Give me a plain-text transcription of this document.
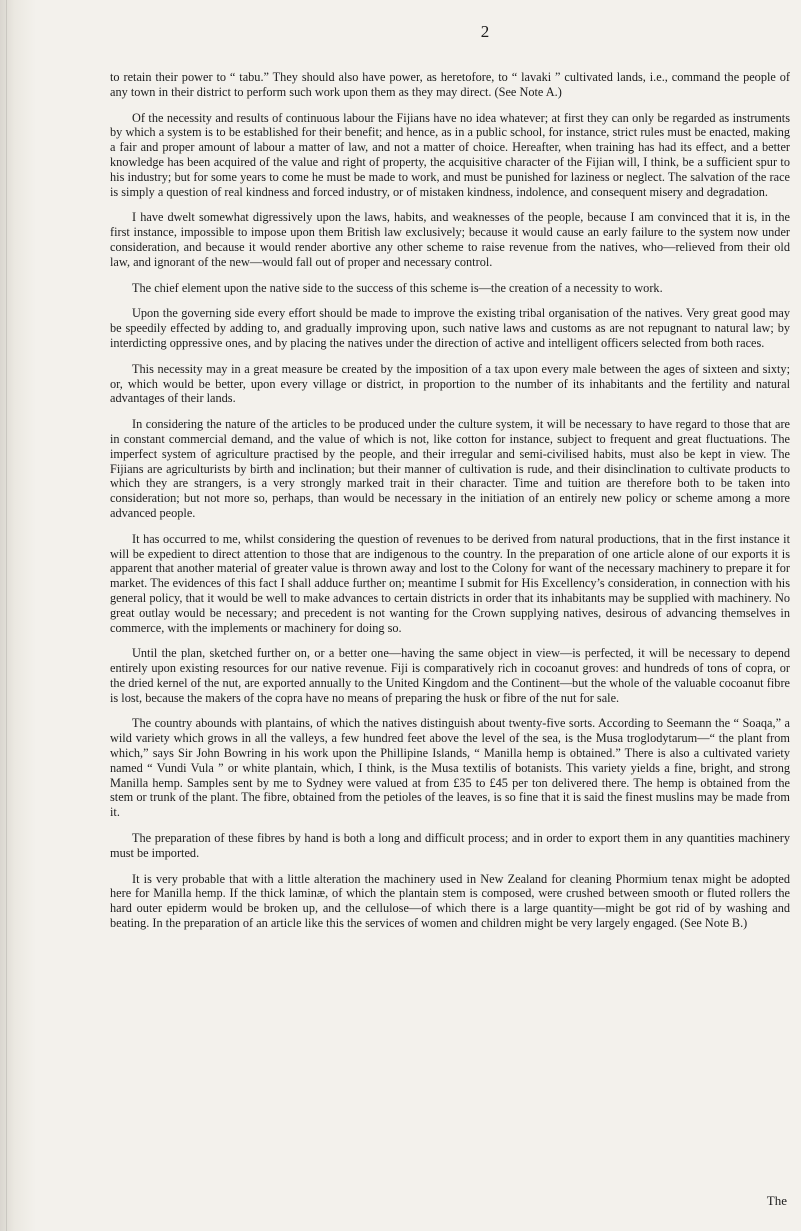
2

to retain their power to “ tabu.” They should also have power, as heretofore, to “ lavaki ” cultivated lands, i.e., command the people of any town in their district to perform such work upon them as they may direct. (See Note A.)

Of the necessity and results of continuous labour the Fijians have no idea whatever; at first they can only be regarded as instruments by which a system is to be established for their benefit; and hence, as in a public school, for instance, strict rules must be enacted, making a fair and proper amount of labour a matter of law, and not a matter of choice. Hereafter, when training has had its effect, and a better knowledge has been acquired of the value and right of property, the acquisitive character of the Fijian will, I think, be a sufficient spur to his industry; but for some years to come he must be made to work, and must be punished for laziness or neglect. The salvation of the race is simply a question of real kindness and forced industry, or of mistaken kindness, indolence, and consequent misery and degradation.

I have dwelt somewhat digressively upon the laws, habits, and weaknesses of the people, because I am convinced that it is, in the first instance, impossible to impose upon them British law exclusively; because it would cause an early failure to the system now under consideration, and because it would render abortive any other scheme to raise revenue from the natives, who—relieved from their old law, and ignorant of the new—would fall out of proper and necessary control.

The chief element upon the native side to the success of this scheme is—the creation of a necessity to work.

Upon the governing side every effort should be made to improve the existing tribal organisation of the natives. Very great good may be speedily effected by adding to, and gradually improving upon, such native laws and customs as are not repugnant to natural law; by interdicting oppressive ones, and by placing the natives under the direction of active and intelligent officers selected from both races.

This necessity may in a great measure be created by the imposition of a tax upon every male between the ages of sixteen and sixty; or, which would be better, upon every village or district, in proportion to the number of its inhabitants and the fertility and natural advantages of their lands.

In considering the nature of the articles to be produced under the culture system, it will be necessary to have regard to those that are in constant commercial demand, and the value of which is not, like cotton for instance, subject to frequent and great fluctuations. The imperfect system of agriculture practised by the people, and their irregular and semi-civilised habits, must also be kept in view. The Fijians are agriculturists by birth and inclination; but their manner of cultivation is rude, and their disinclination to cultivate products to which they are strangers, is a very strongly marked trait in their character. Time and tuition are therefore both to be taken into consideration; but not more so, perhaps, than would be necessary in the initiation of an entirely new policy or scheme among a more advanced people.

It has occurred to me, whilst considering the question of revenues to be derived from natural productions, that in the first instance it will be expedient to direct attention to those that are indigenous to the country. In the preparation of one article alone of our exports it is apparent that another material of greater value is thrown away and lost to the Colony for want of the necessary machinery to prepare it for market. The evidences of this fact I shall adduce further on; meantime I submit for His Excellency’s consideration, in connection with his general policy, that it would be well to make advances to certain districts in order that its inhabitants may be supplied with machinery. No great outlay would be necessary; and precedent is not wanting for the Crown supplying natives, desirous of advancing themselves in commerce, with the implements or machinery for doing so.

Until the plan, sketched further on, or a better one—having the same object in view—is perfected, it will be necessary to depend entirely upon existing resources for our native revenue. Fiji is comparatively rich in cocoanut groves: and hundreds of tons of copra, or the dried kernel of the nut, are exported annually to the United Kingdom and the Continent—but the whole of the valuable cocoanut fibre is lost, because the makers of the copra have no means of preparing the husk or fibre of the nut for sale.

The country abounds with plantains, of which the natives distinguish about twenty-five sorts. According to Seemann the “ Soaqa,” a wild variety which grows in all the valleys, a few hundred feet above the level of the sea, is the Musa troglodytarum—“ the plant from which,” says Sir John Bowring in his work upon the Phillipine Islands, “ Manilla hemp is obtained.” There is also a cultivated variety named “ Vundi Vula ” or white plantain, which, I think, is the Musa textilis of botanists. This variety yields a fine, bright, and strong Manilla hemp. Samples sent by me to Sydney were valued at from £35 to £45 per ton delivered there. The hemp is obtained from the stem or trunk of the plant. The fibre, obtained from the petioles of the leaves, is so fine that it is said the finest muslins may be made from it.

The preparation of these fibres by hand is both a long and difficult process; and in order to export them in any quantities machinery must be imported.

It is very probable that with a little alteration the machinery used in New Zealand for cleaning Phormium tenax might be adopted here for Manilla hemp. If the thick laminæ, of which the plantain stem is composed, were crushed between smooth or fluted rollers the hard outer epiderm would be broken up, and the cellulose—of which there is a large quantity—might be got rid of by washing and beating. In the preparation of an article like this the services of women and children might be very largely engaged. (See Note B.)

The
